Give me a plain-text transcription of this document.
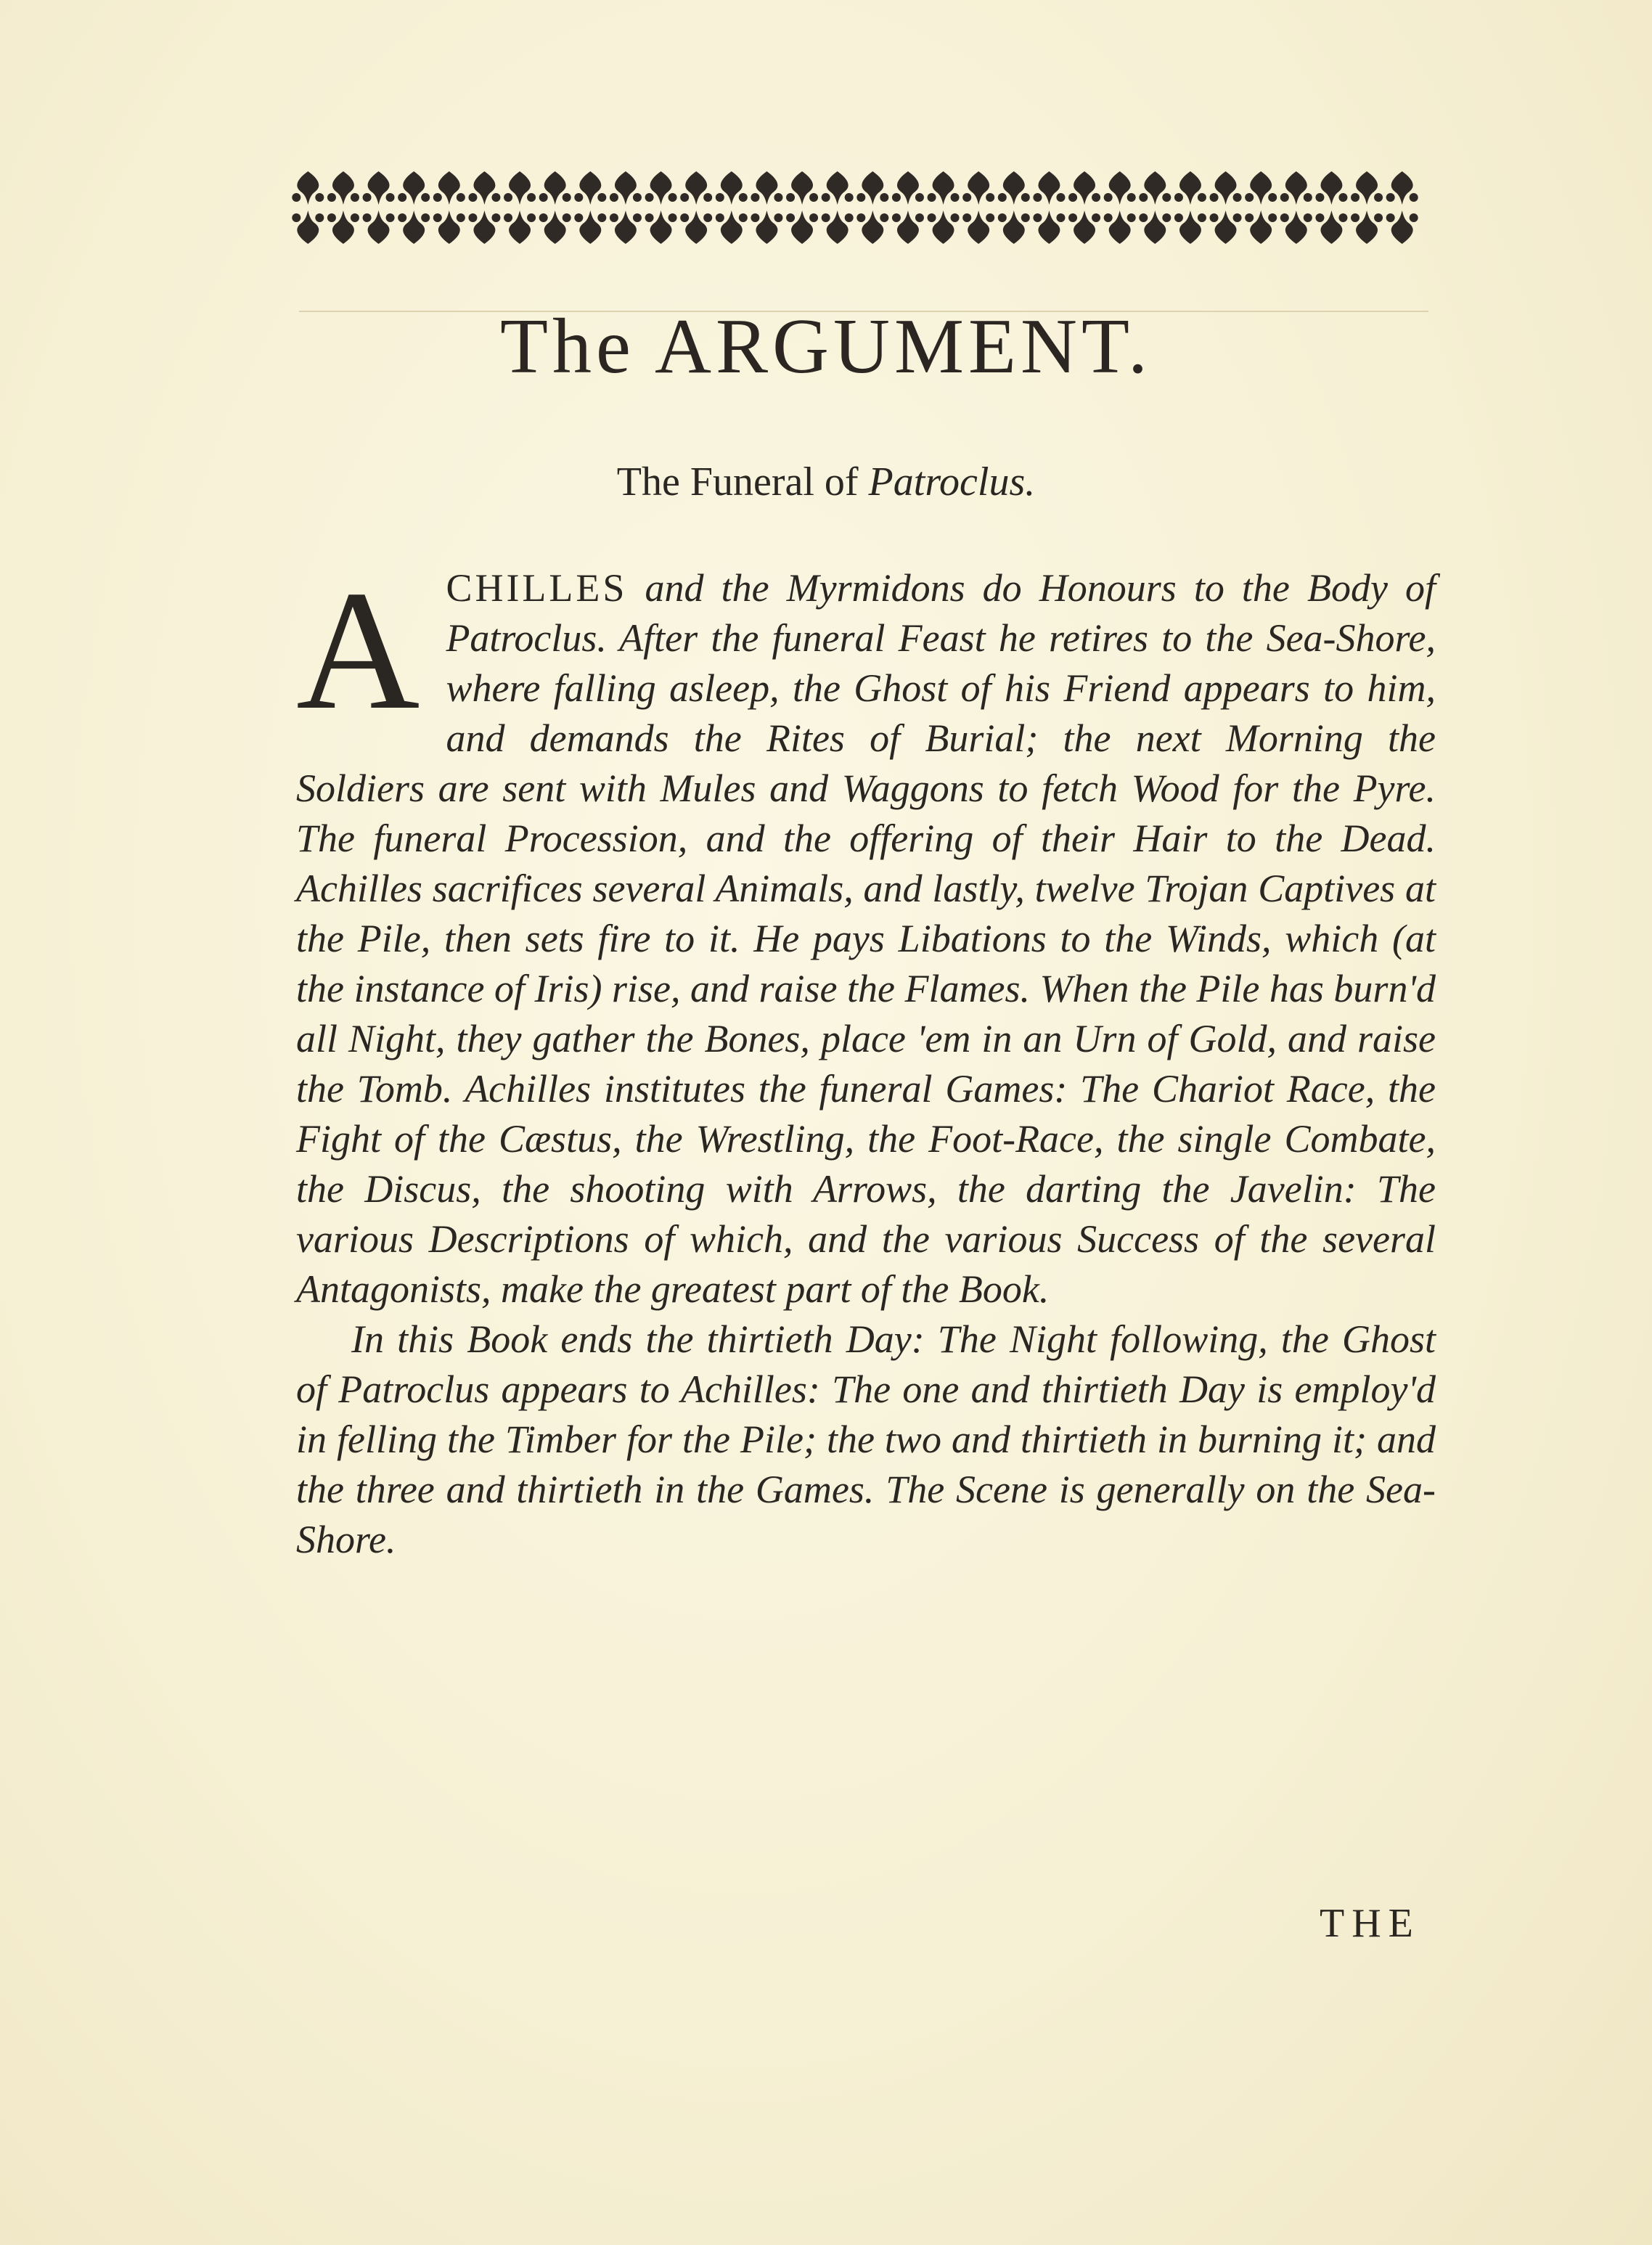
The ARGUMENT.
The Funeral of Patroclus.

ACHILLES and the Myrmidons do Honours to the Body of Patroclus. After the funeral Feast he retires to the Sea-Shore, where falling asleep, the Ghost of his Friend appears to him, and demands the Rites of Burial; the next Morning the Soldiers are sent with Mules and Waggons to fetch Wood for the Pyre. The funeral Procession, and the offering of their Hair to the Dead. Achilles sacrifices several Animals, and lastly, twelve Trojan Captives at the Pile, then sets fire to it. He pays Libations to the Winds, which (at the instance of Iris) rise, and raise the Flames. When the Pile has burn'd all Night, they gather the Bones, place 'em in an Urn of Gold, and raise the Tomb. Achilles institutes the funeral Games: The Chariot Race, the Fight of the Cæstus, the Wrestling, the Foot-Race, the single Combate, the Discus, the shooting with Arrows, the darting the Javelin: The various Descriptions of which, and the various Success of the several Antagonists, make the greatest part of the Book.

In this Book ends the thirtieth Day: The Night following, the Ghost of Patroclus appears to Achilles: The one and thirtieth Day is employ'd in felling the Timber for the Pile; the two and thirtieth in burning it; and the three and thirtieth in the Games. The Scene is generally on the Sea-Shore.

THE
